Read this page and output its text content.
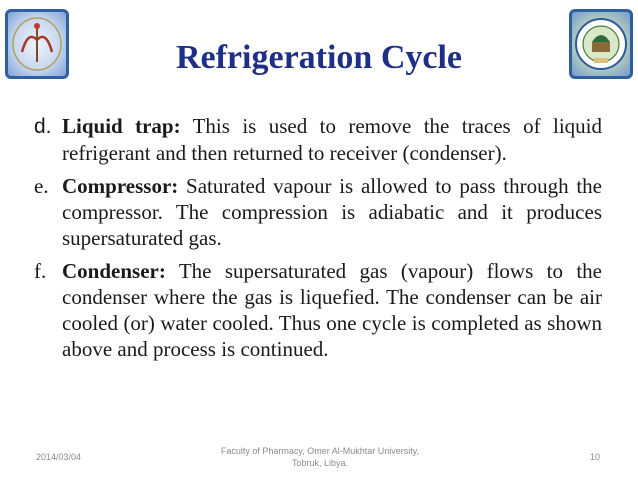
Refrigeration Cycle

d. Liquid trap: This is used to remove the traces of liquid refrigerant and then returned to receiver (condenser).

e. Compressor: Saturated vapour is allowed to pass through the compressor. The compression is adiabatic and it produces supersaturated gas.

f. Condenser: The supersaturated gas (vapour) flows to the condenser where the gas is liquefied. The condenser can be air cooled (or) water cooled. Thus one cycle is completed as shown above and process is continued.

2014/03/04
Faculty of Pharmacy, Omer Al-Mukhtar University,
Tobruk, Libya.
10
